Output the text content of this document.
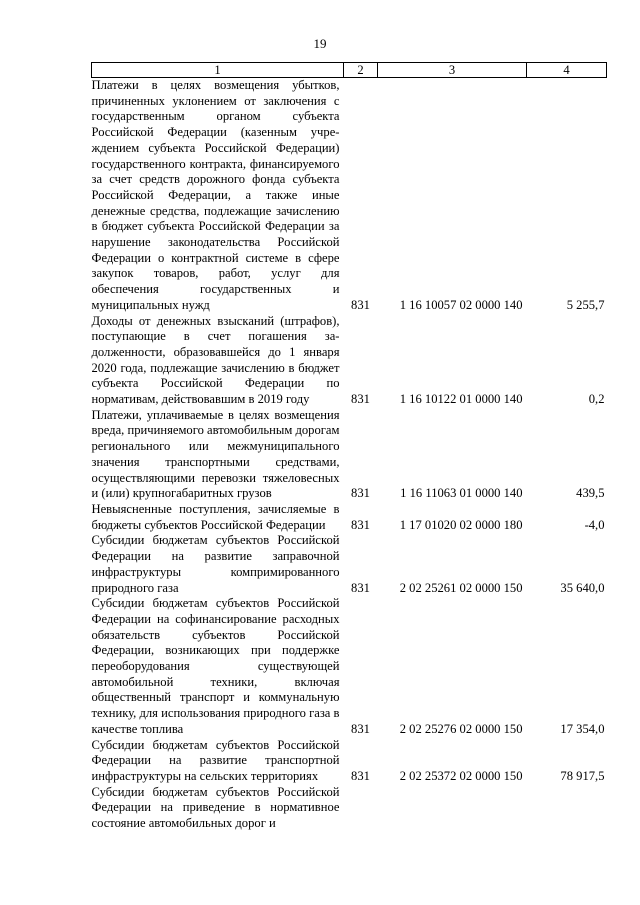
19
1	2	3	4
Платежи в целях возмещения убытков, причиненных уклонением от заключения с государственным органом субъекта Российской Федерации (казенным учреждением субъекта Российской Федерации) государственного контракта, финансируемого за счет средств дорожного фонда субъекта Российской Федерации, а также иные денежные средства, подлежащие зачислению в бюджет субъекта Российской Федерации за нарушение законодательства Российской Федерации о контрактной системе в сфере закупок товаров, работ, услуг для обеспечения государственных и муниципальных нужд	831	1 16 10057 02 0000 140	5 255,7
Доходы от денежных взысканий (штрафов), поступающие в счет погашения задолженности, образовавшейся до 1 января 2020 года, подлежащие зачислению в бюджет субъекта Российской Федерации по нормативам, действовавшим в 2019 году	831	1 16 10122 01 0000 140	0,2
Платежи, уплачиваемые в целях возмещения вреда, причиняемого автомобильным дорогам регионального или межмуниципального значения транспортными средствами, осуществляющими перевозки тяжеловесных и (или) крупногабаритных грузов	831	1 16 11063 01 0000 140	439,5
Невыясненные поступления, зачисляемые в бюджеты субъектов Российской Федерации	831	1 17 01020 02 0000 180	-4,0
Субсидии бюджетам субъектов Российской Федерации на развитие заправочной инфраструктуры компримированного природного газа	831	2 02 25261 02 0000 150	35 640,0
Субсидии бюджетам субъектов Российской Федерации на софинансирование расходных обязательств субъектов Российской Федерации, возникающих при поддержке переоборудования существующей автомобильной техники, включая общественный транспорт и коммунальную технику, для использования природного газа в качестве топлива	831	2 02 25276 02 0000 150	17 354,0
Субсидии бюджетам субъектов Российской Федерации на развитие транспортной инфраструктуры на сельских территориях	831	2 02 25372 02 0000 150	78 917,5
Субсидии бюджетам субъектов Российской Федерации на приведение в нормативное состояние автомобильных дорог и			
